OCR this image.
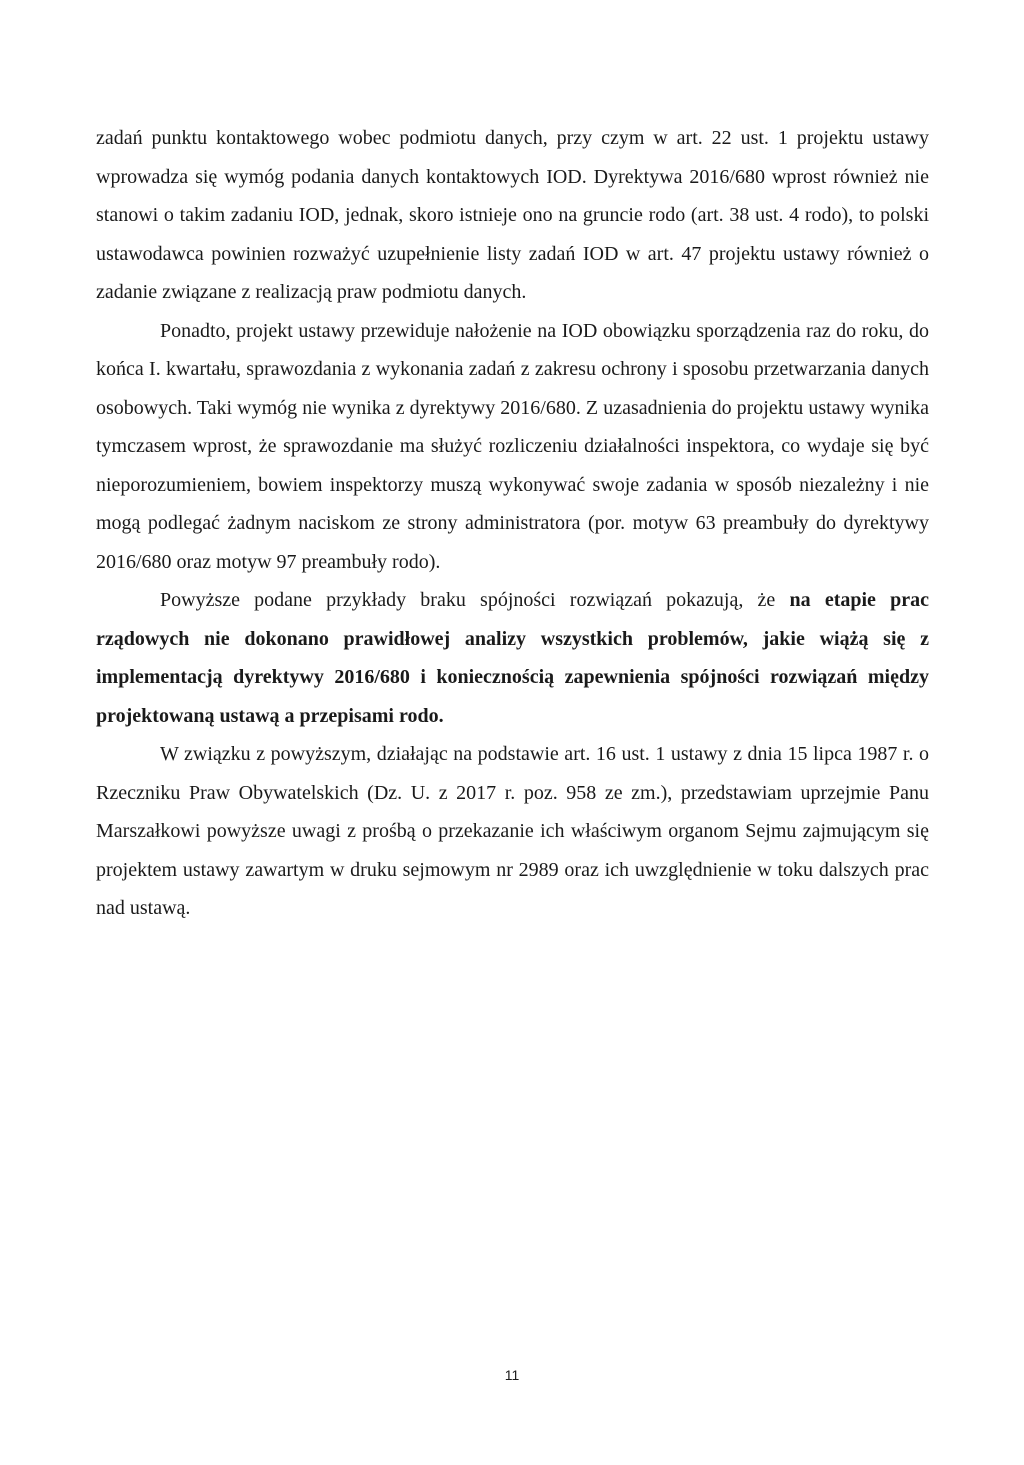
zadań punktu kontaktowego wobec podmiotu danych, przy czym w art. 22 ust. 1 projektu ustawy wprowadza się wymóg podania danych kontaktowych IOD. Dyrektywa 2016/680 wprost również nie stanowi o takim zadaniu IOD, jednak, skoro istnieje ono na gruncie rodo (art. 38 ust. 4 rodo), to polski ustawodawca powinien rozważyć uzupełnienie listy zadań IOD w art. 47 projektu ustawy również o zadanie związane z realizacją praw podmiotu danych.

Ponadto, projekt ustawy przewiduje nałożenie na IOD obowiązku sporządzenia raz do roku, do końca I. kwartału, sprawozdania z wykonania zadań z zakresu ochrony i sposobu przetwarzania danych osobowych. Taki wymóg nie wynika z dyrektywy 2016/680. Z uzasadnienia do projektu ustawy wynika tymczasem wprost, że sprawozdanie ma służyć rozliczeniu działalności inspektora, co wydaje się być nieporozumieniem, bowiem inspektorzy muszą wykonywać swoje zadania w sposób niezależny i nie mogą podlegać żadnym naciskom ze strony administratora (por. motyw 63 preambuły do dyrektywy 2016/680 oraz motyw 97 preambuły rodo).

Powyższe podane przykłady braku spójności rozwiązań pokazują, że na etapie prac rządowych nie dokonano prawidłowej analizy wszystkich problemów, jakie wiążą się z implementacją dyrektywy 2016/680 i koniecznością zapewnienia spójności rozwiązań między projektowaną ustawą a przepisami rodo.

W związku z powyższym, działając na podstawie art. 16 ust. 1 ustawy z dnia 15 lipca 1987 r. o Rzeczniku Praw Obywatelskich (Dz. U. z 2017 r. poz. 958 ze zm.), przedstawiam uprzejmie Panu Marszałkowi powyższe uwagi z prośbą o przekazanie ich właściwym organom Sejmu zajmującym się projektem ustawy zawartym w druku sejmowym nr 2989 oraz ich uwzględnienie w toku dalszych prac nad ustawą.

11
